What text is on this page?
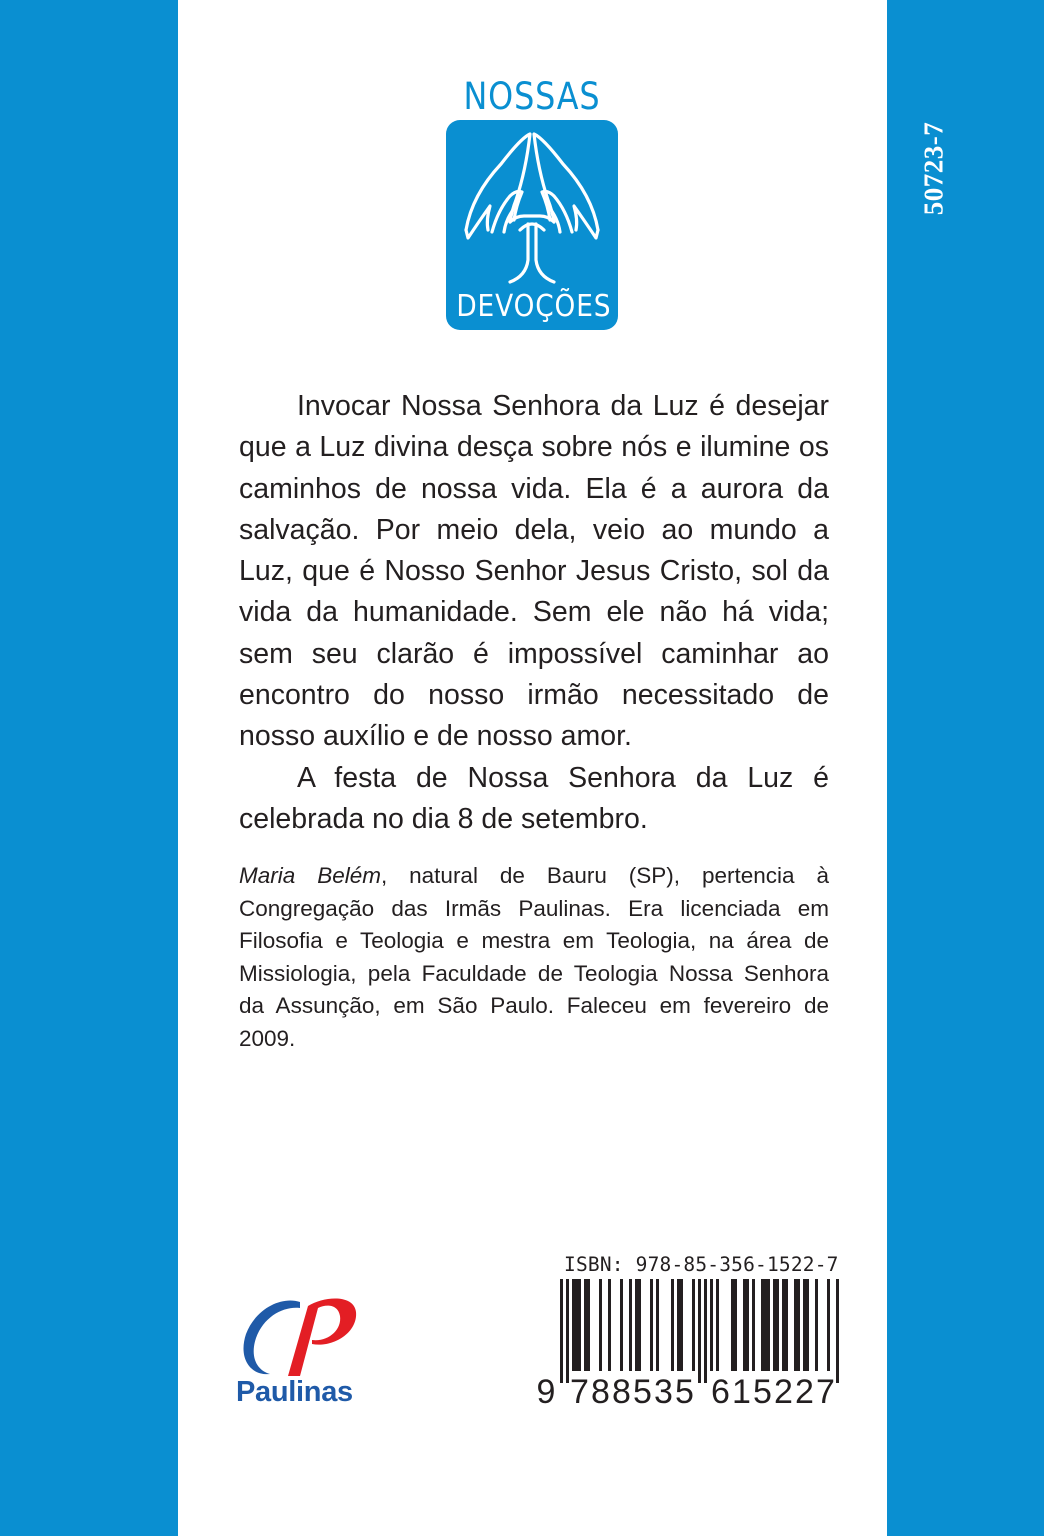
50723-7
NOSSAS
DEVOÇÕES

Invocar Nossa Senhora da Luz é desejar que a Luz divina desça sobre nós e ilumine os caminhos de nossa vida. Ela é a aurora da salvação. Por meio dela, veio ao mundo a Luz, que é Nosso Senhor Jesus Cristo, sol da vida da humanidade. Sem ele não há vida; sem seu clarão é impossível caminhar ao encontro do nosso irmão necessitado de nosso auxílio e de nosso amor.

A festa de Nossa Senhora da Luz é celebrada no dia 8 de setembro.

Maria Belém, natural de Bauru (SP), pertencia à Congregação das Irmãs Paulinas. Era licenciada em Filosofia e Teologia e mestra em Teologia, na área de Missiologia, pela Faculdade de Teologia Nossa Senhora da Assunção, em São Paulo. Faleceu em fevereiro de 2009.
Paulinas
ISBN: 978-85-356-1522-7
9 7 8 8 5 3 5 6 1 5 2 2 7
